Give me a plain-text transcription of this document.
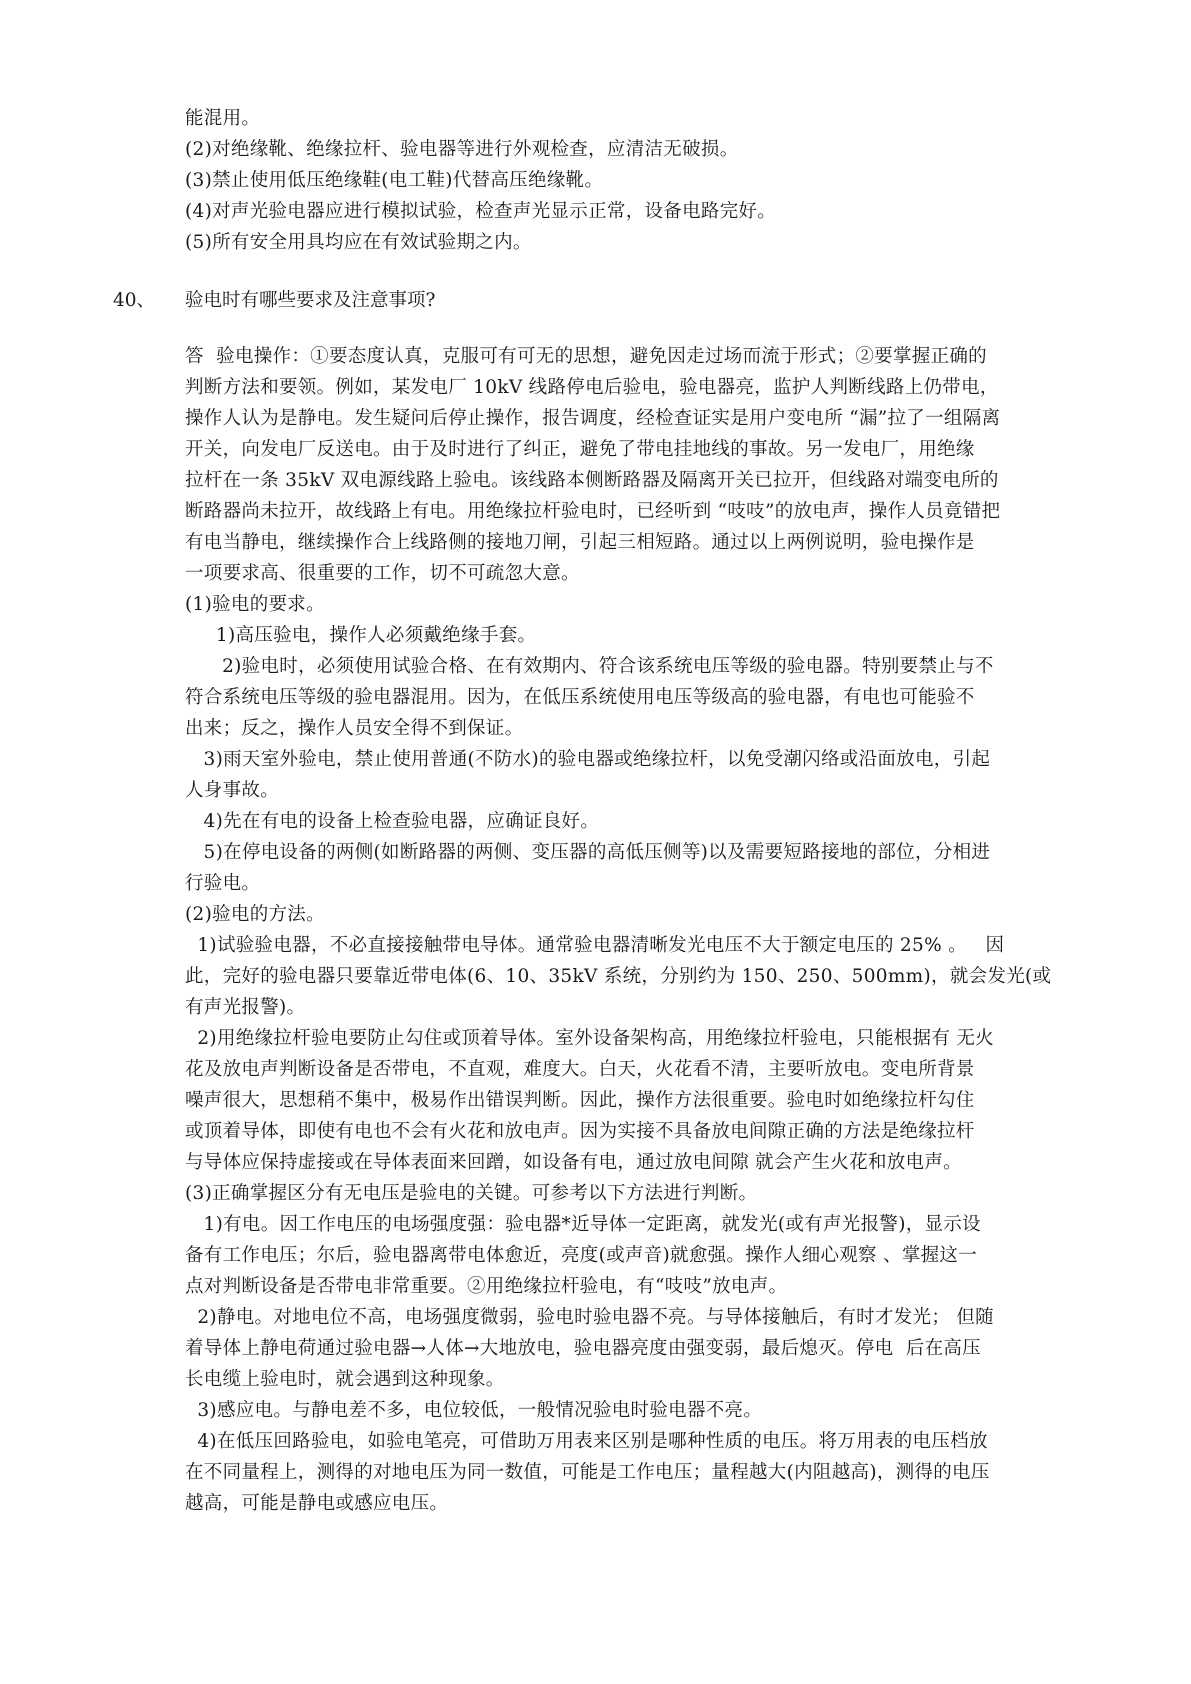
能混用。
(2)对绝缘靴、绝缘拉杆、验电器等进行外观检查，应清洁无破损。
(3)禁止使用低压绝缘鞋(电工鞋)代替高压绝缘靴。
(4)对声光验电器应进行模拟试验，检查声光显示正常，设备电路完好。
(5)所有安全用具均应在有效试验期之内。
40、 验电时有哪些要求及注意事项?
答  验电操作：①要态度认真，克服可有可无的思想，避免因走过场而流于形式；②要掌握正确的
判断方法和要领。例如，某发电厂 10kV 线路停电后验电，验电器亮，监护人判断线路上仍带电，
操作人认为是静电。发生疑问后停止操作，报告调度，经检查证实是用户变电所 “漏”拉了一组隔离
开关，向发电厂反送电。由于及时进行了纠正，避免了带电挂地线的事故。另一发电厂，用绝缘
拉杆在一条 35kV 双电源线路上验电。该线路本侧断路器及隔离开关已拉开，但线路对端变电所的
断路器尚未拉开，故线路上有电。用绝缘拉杆验电时，已经听到 “吱吱”的放电声，操作人员竟错把
有电当静电，继续操作合上线路侧的接地刀闸，引起三相短路。通过以上两例说明，验电操作是
一项要求高、很重要的工作，切不可疏忽大意。
(1)验电的要求。
1)高压验电，操作人必须戴绝缘手套。
2)验电时，必须使用试验合格、在有效期内、符合该系统电压等级的验电器。特别要禁止与不
符合系统电压等级的验电器混用。因为，在低压系统使用电压等级高的验电器，有电也可能验不
出来；反之，操作人员安全得不到保证。
3)雨天室外验电，禁止使用普通(不防水)的验电器或绝缘拉杆，以免受潮闪络或沿面放电，引起
人身事故。
4)先在有电的设备上检查验电器，应确证良好。
5)在停电设备的两侧(如断路器的两侧、变压器的高低压侧等)以及需要短路接地的部位，分相进
行验电。
(2)验电的方法。
1)试验验电器，不必直接接触带电导体。通常验电器清晰发光电压不大于额定电压的 25% 。   因
此，完好的验电器只要靠近带电体(6、10、35kV 系统，分别约为 150、250、500mm)，就会发光(或
有声光报警)。
2)用绝缘拉杆验电要防止勾住或顶着导体。室外设备架构高，用绝缘拉杆验电，只能根据有 无火
花及放电声判断设备是否带电，不直观，难度大。白天，火花看不清，主要听放电。变电所背景
噪声很大，思想稍不集中，极易作出错误判断。因此，操作方法很重要。验电时如绝缘拉杆勾住
或顶着导体，即使有电也不会有火花和放电声。因为实接不具备放电间隙正确的方法是绝缘拉杆
与导体应保持虚接或在导体表面来回蹭，如设备有电，通过放电间隙 就会产生火花和放电声。
(3)正确掌握区分有无电压是验电的关键。可参考以下方法进行判断。
1)有电。因工作电压的电场强度强：验电器*近导体一定距离，就发光(或有声光报警)，显示设
备有工作电压；尔后，验电器离带电体愈近，亮度(或声音)就愈强。操作人细心观察 、掌握这一
点对判断设备是否带电非常重要。②用绝缘拉杆验电，有“吱吱”放电声。
2)静电。对地电位不高，电场强度微弱，验电时验电器不亮。与导体接触后，有时才发光； 但随
着导体上静电荷通过验电器→人体→大地放电，验电器亮度由强变弱，最后熄灭。停电  后在高压
长电缆上验电时，就会遇到这种现象。
3)感应电。与静电差不多，电位较低，一般情况验电时验电器不亮。
4)在低压回路验电，如验电笔亮，可借助万用表来区别是哪种性质的电压。将万用表的电压档放
在不同量程上，测得的对地电压为同一数值，可能是工作电压；量程越大(内阻越高)，测得的电压
越高，可能是静电或感应电压。
